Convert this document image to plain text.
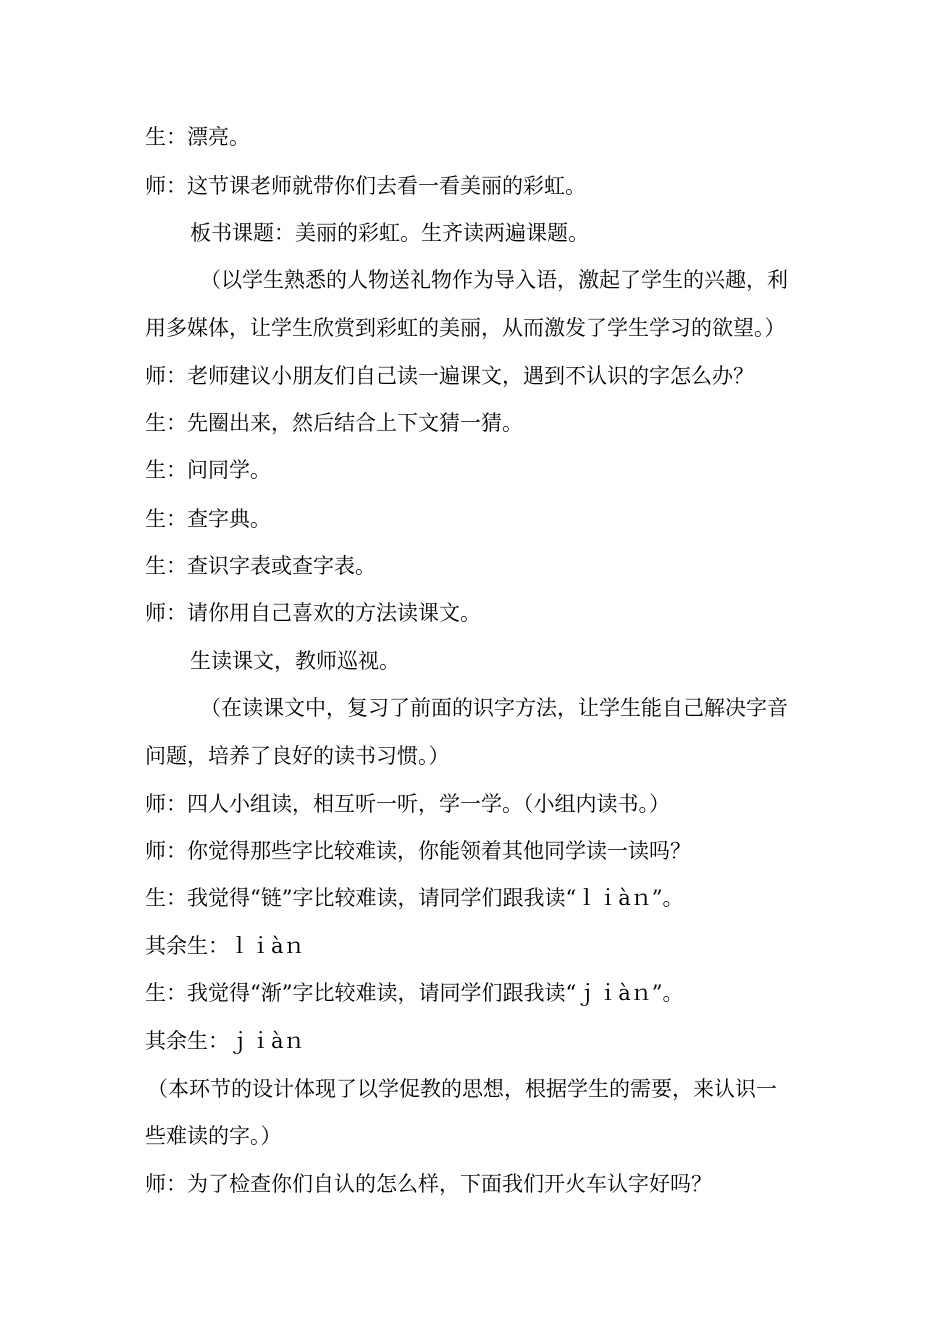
生：漂亮。
师：这节课老师就带你们去看一看美丽的彩虹。
板书课题：美丽的彩虹。生齐读两遍课题。
（以学生熟悉的人物送礼物作为导入语，激起了学生的兴趣，利
用多媒体，让学生欣赏到彩虹的美丽，从而激发了学生学习的欲望。）
师：老师建议小朋友们自己读一遍课文，遇到不认识的字怎么办？
生：先圈出来，然后结合上下文猜一猜。
生：问同学。
生：查字典。
生：查识字表或查字表。
师：请你用自己喜欢的方法读课文。
生读课文，教师巡视。
（在读课文中，复习了前面的识字方法，让学生能自己解决字音
问题，培养了良好的读书习惯。）
师：四人小组读，相互听一听，学一学。（小组内读书。）
师：你觉得那些字比较难读，你能领着其他同学读一读吗？
生：我觉得“链”字比较难读，请同学们跟我读“ｌｉàｎ”。
其余生：ｌｉàｎ
生：我觉得“渐”字比较难读，请同学们跟我读“ｊｉàｎ”。
其余生：ｊｉàｎ
（本环节的设计体现了以学促教的思想，根据学生的需要，来认识一
些难读的字。）
师：为了检查你们自认的怎么样，下面我们开火车认字好吗？
